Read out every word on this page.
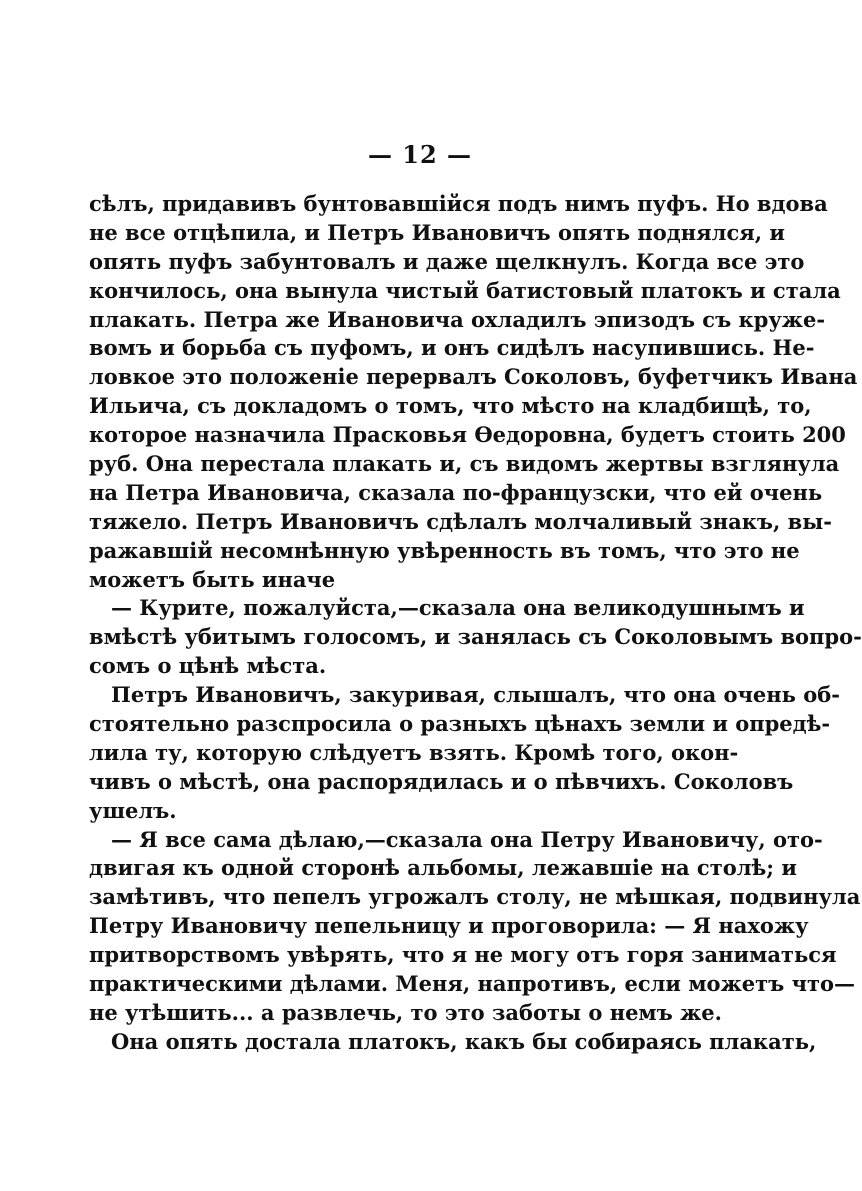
— 12 —
сѣлъ, придавивъ бунтовавшійся подъ нимъ пуфъ. Но вдова
не все отцѣпила, и Петръ Ивановичъ опять поднялся, и
опять пуфъ забунтовалъ и даже щелкнулъ. Когда все это
кончилось, она вынула чистый батистовый платокъ и стала
плакать. Петра же Ивановича охладилъ эпизодъ съ круже-
вомъ и борьба съ пуфомъ, и онъ сидѣлъ насупившись. Не-
ловкое это положеніе перервалъ Соколовъ, буфетчикъ Ивана
Ильича, съ докладомъ о томъ, что мѣсто на кладбищѣ, то,
которое назначила Прасковья Ѳедоровна, будетъ стоить 200
руб. Она перестала плакать и, съ видомъ жертвы взглянула
на Петра Ивановича, сказала по-французски, что ей очень
тяжело. Петръ Ивановичъ сдѣлалъ молчаливый знакъ, вы-
ражавшій несомнѣнную увѣренность въ томъ, что это не
можетъ быть иначе
— Курите, пожалуйста,—сказала она великодушнымъ и
вмѣстѣ убитымъ голосомъ, и занялась съ Соколовымъ вопро-
сомъ о цѣнѣ мѣста.
Петръ Ивановичъ, закуривая, слышалъ, что она очень об-
стоятельно разспросила о разныхъ цѣнахъ земли и опредѣ-
лила ту, которую слѣдуетъ взять. Кромѣ того, окон-
чивъ о мѣстѣ, она распорядилась и о пѣвчихъ. Соколовъ
ушелъ.
— Я все сама дѣлаю,—сказала она Петру Ивановичу, ото-
двигая къ одной сторонѣ альбомы, лежавшіе на столѣ; и
замѣтивъ, что пепелъ угрожалъ столу, не мѣшкая, подвинула
Петру Ивановичу пепельницу и проговорила: — Я нахожу
притворствомъ увѣрять, что я не могу отъ горя заниматься
практическими дѣлами. Меня, напротивъ, если можетъ что—
не утѣшить... а развлечь, то это заботы о немъ же.
Она опять достала платокъ, какъ бы собираясь плакать,
